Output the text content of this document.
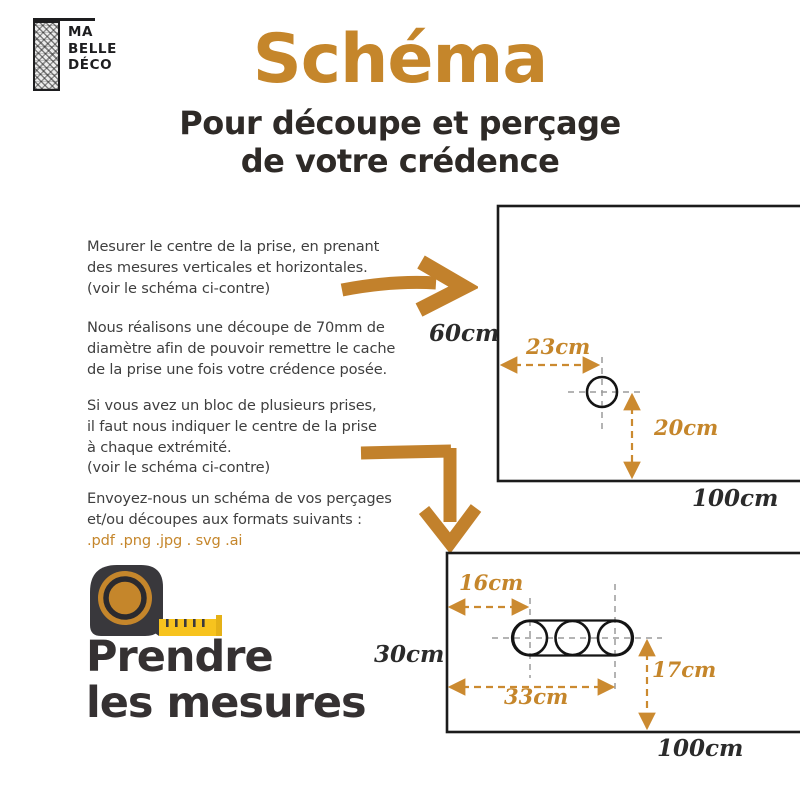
MA
BELLE
DÉCO	Schéma
Pour découpe et perçage
de votre crédence
Mesurer le centre de la prise, en prenant
des mesures verticales et horizontales.
(voir le schéma ci-contre)
Nous réalisons une découpe de 70mm de
diamètre afin de pouvoir remettre le cache
de la prise une fois votre crédence posée.
Si vous avez un bloc de plusieurs prises,
il faut nous indiquer le centre de la prise
à chaque extrémité.
(voir le schéma ci-contre)
Envoyez-nous un schéma de vos perçages
et/ou découpes aux formats suivants :
.pdf .png .jpg . svg .ai
60cm 23cm
20cm
100cm
16cm
30cm
33cm
17cm
100cm
Prendre
les mesures
